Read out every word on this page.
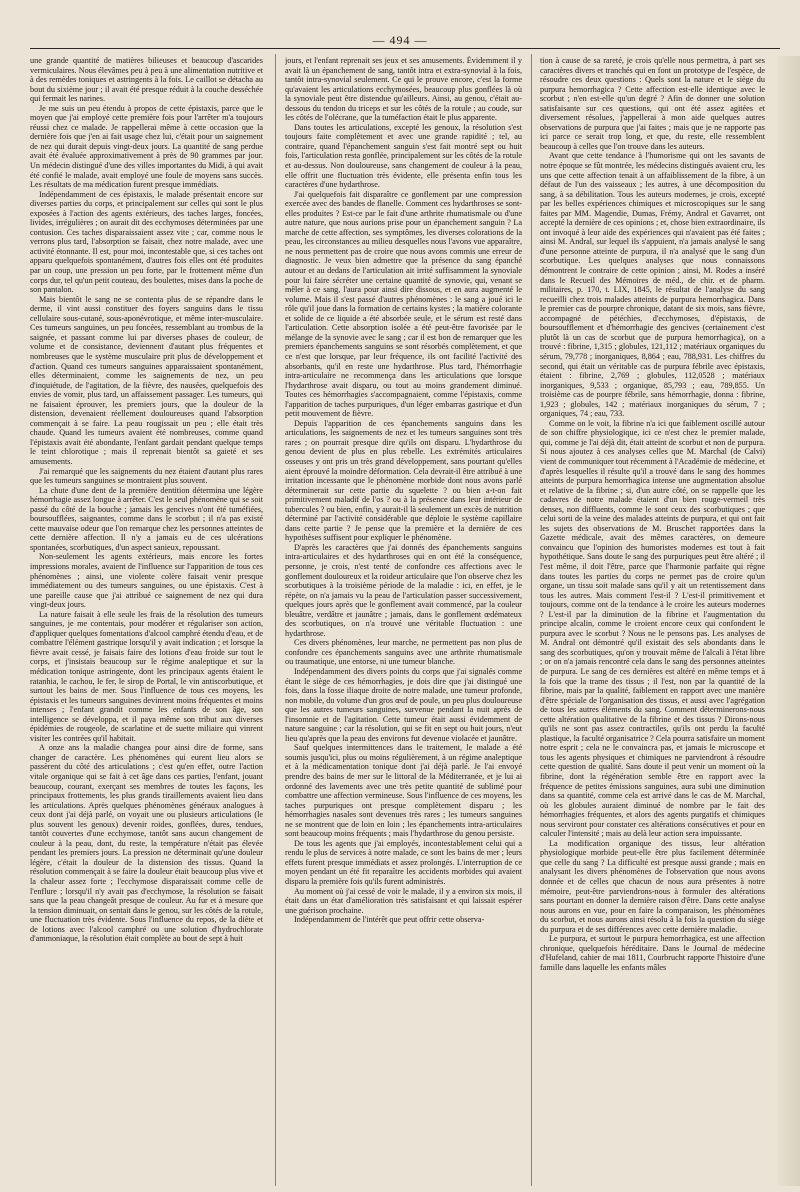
— 494 —

une grande quantité de matières bilieuses et beaucoup d'ascarides vermiculaires. Nous élevâmes peu à peu à une alimentation nutritive et à des remèdes toniques et astringents à la fois. Le caillot se détacha au bout du sixième jour ; il avait été presque réduit à la couche desséchée qui fermait les narines.

Je me suis un peu étendu à propos de cette épistaxis, parce que le moyen que j'ai employé cette première fois pour l'arrêter m'a toujours réussi chez ce malade. Je rappellerai même à cette occasion que la dernière fois que j'en ai fait usage chez lui, c'était pour un saignement de nez qui durait depuis vingt-deux jours. La quantité de sang perdue avait été évaluée approximativement à près de 90 grammes par jour. Un médecin distingué d'une des villes importantes du Midi, à qui avait été confié le malade, avait employé une foule de moyens sans succès. Les résultats de ma médication furent presque immédiats.

Indépendamment de ces épistaxis, le malade présentait encore sur diverses parties du corps, et principalement sur celles qui sont le plus exposées à l'action des agents extérieurs, des taches larges, foncées, livides, irrégulières ; on aurait dit des ecchymoses déterminées par une contusion. Ces taches disparaissaient assez vite ; car, comme nous le verrons plus tard, l'absorption se faisait, chez notre malade, avec une activité étonnante. Il est, pour moi, incontestable que, si ces taches ont apparu quelquefois spontanément, d'autres fois elles ont été produites par un coup, une pression un peu forte, par le frottement même d'un corps dur, tel qu'un petit couteau, des boulettes, mises dans la poche de son pantalon.

Mais bientôt le sang ne se contenta plus de se répandre dans le derme, il vint aussi constituer des foyers sanguins dans le tissu cellulaire sous-cutané, sous-aponévrotique, et même inter-musculaire. Ces tumeurs sanguines, un peu foncées, ressemblant au trombus de la saignée, et passant comme lui par diverses phases de couleur, de volume et de consistance, deviennent d'autant plus fréquentes et nombreuses que le système musculaire prit plus de développement et d'action. Quand ces tumeurs sanguines apparaissaient spontanément, elles déterminaient, comme les saignements de nez, un peu d'inquiétude, de l'agitation, de la fièvre, des nausées, quelquefois des envies de vomir, plus tard, un affaissement passager. Les tumeurs, qui ne faisaient éprouver, les premiers jours, que la douleur de la distension, devenaient réellement douloureuses quand l'absorption commençait à se faire. La peau rougissait un peu ; elle était très chaude. Quand les tumeurs avaient été nombreuses, comme quand l'épistaxis avait été abondante, l'enfant gardait pendant quelque temps le teint chlorotique ; mais il reprenait bientôt sa gaieté et ses amusements.

J'ai remarqué que les saignements du nez étaient d'autant plus rares que les tumeurs sanguines se montraient plus souvent.

La chute d'une dent de la première dentition détermina une légère hémorrhagie assez longue à arrêter. C'est le seul phénomène qui se soit passé du côté de la bouche ; jamais les gencives n'ont été tuméfiées, boursoufflées, saignantes, comme dans le scorbut ; il n'a pas existé cette mauvaise odeur que l'on remarque chez les personnes atteintes de cette dernière affection. Il n'y a jamais eu de ces ulcérations spontanées, scorbutiques, d'un aspect sanieux, repoussant.

Non-seulement les agents extérieurs, mais encore les fortes impressions morales, avaient de l'influence sur l'apparition de tous ces phénomènes ; ainsi, une violente colère faisait venir presque immédiatement ou des tumeurs sanguines, ou une épistaxis. C'est à une pareille cause que j'ai attribué ce saignement de nez qui dura vingt-deux jours.

La nature faisait à elle seule les frais de la résolution des tumeurs sanguines, je me contentais, pour modérer et régulariser son action, d'appliquer quelques fomentations d'alcool camphré étendu d'eau, et de combattre l'élément gastrique lorsqu'il y avait indication ; et lorsque la fièvre avait cessé, je faisais faire des lotions d'eau froide sur tout le corps, et j'insistais beaucoup sur le régime analeptique et sur la médication tonique astringente, dont les principaux agents étaient le ratanhia, le cachou, le fer, le sirop de Portal, le vin antiscorbutique, et surtout les bains de mer. Sous l'influence de tous ces moyens, les épistaxis et les tumeurs sanguines devinrent moins fréquentes et moins intenses ; l'enfant grandit comme les enfants de son âge, son intelligence se développa, et il paya même son tribut aux diverses épidémies de rougeole, de scarlatine et de suette miliaire qui vinrent visiter les contrées qu'il habitait.

A onze ans la maladie changea pour ainsi dire de forme, sans changer de caractère. Les phénomènes qui eurent lieu alors se passèrent du côté des articulations ; c'est qu'en effet, outre l'action vitale organique qui se fait à cet âge dans ces parties, l'enfant, jouant beaucoup, courant, exerçant ses membres de toutes les façons, les principaux frottements, les plus grands tiraillements avaient lieu dans les articulations. Après quelques phénomènes généraux analogues à ceux dont j'ai déjà parlé, on voyait une ou plusieurs articulations (le plus souvent les genoux) devenir roides, gonflées, dures, tendues, tantôt couvertes d'une ecchymose, tantôt sans aucun changement de couleur à la peau, dont, du reste, la température n'était pas élevée pendant les premiers jours. La pression ne déterminait qu'une douleur légère, c'était la douleur de la distension des tissus. Quand la résolution commençait à se faire la douleur était beaucoup plus vive et la chaleur assez forte ; l'ecchymose disparaissait comme celle de l'enflure ; lorsqu'il n'y avait pas d'ecchymose, la résolution se faisait sans que la peau changeât presque de couleur. Au fur et à mesure que la tension diminuait, on sentait dans le genou, sur les côtés de la rotule, une fluctuation très évidente. Sous l'influence du repos, de la diète et de lotions avec l'alcool camphré ou une solution d'hydrochlorate d'ammoniaque, la résolution était complète au bout de sept à huit

jours, et l'enfant reprenait ses jeux et ses amusements. Évidemment il y avait là un épanchement de sang, tantôt intra et extra-synovial à la fois, tantôt intra-synovial seulement. Ce qui le prouve encore, c'est la forme qu'avaient les articulations ecchymosées, beaucoup plus gonflées là où la synoviale peut être distendue qu'ailleurs. Ainsi, au genou, c'était au-dessous du tendon du triceps et sur les côtés de la rotule ; au coude, sur les côtés de l'olécrane, que la tuméfaction était le plus apparente.

Dans toutes les articulations, excepté les genoux, la résolution s'est toujours faite complètement et avec une grande rapidité ; tel, au contraire, quand l'épanchement sanguin s'est fait montré sept ou huit fois, l'articulation resta gonflée, principalement sur les côtés de la rotule et au-dessus. Non douloureuse, sans changement de couleur à la peau, elle offrit une fluctuation très évidente, elle présenta enfin tous les caractères d'une hydarthrose.

J'ai quelquefois fait disparaître ce gonflement par une compression exercée avec des bandes de flanelle. Comment ces hydarthroses se sont-elles produites ? Est-ce par le fait d'une arthrite rhumatismale ou d'une autre nature, que nous aurions prise pour un épanchement sanguin ? La marche de cette affection, ses symptômes, les diverses colorations de la peau, les circonstances au milieu desquelles nous l'avons vue apparaître, ne nous permettent pas de croire que nous avons commis une erreur de diagnostic. Je veux bien admettre que la présence du sang épanché autour et au dedans de l'articulation ait irrité suffisamment la synoviale pour lui faire sécréter une certaine quantité de synovie, qui, venant se mêler à ce sang, l'aura pour ainsi dire dissous, et en aura augmenté le volume. Mais il s'est passé d'autres phénomènes : le sang a joué ici le rôle qu'il joue dans la formation de certains kystes ; la matière colorante et solide de ce liquide a été absorbée seule, et le sérum est resté dans l'articulation. Cette absorption isolée a été peut-être favorisée par le mélange de la synovie avec le sang ; car il est bon de remarquer que les premiers épanchements sanguins se sont résorbés complètement, et que ce n'est que lorsque, par leur fréquence, ils ont facilité l'activité des absorbants, qu'il en reste une hydarthrose. Plus tard, l'hémorrhagie intra-articulaire ne recommença dans les articulations que lorsque l'hydarthrose avait disparu, ou tout au moins grandement diminué. Toutes ces hémorrhagies s'accompagnaient, comme l'épistaxis, comme l'apparition de taches purpuriques, d'un léger embarras gastrique et d'un petit mouvement de fièvre.

Depuis l'apparition de ces épanchements sanguins dans les articulations, les saignements de nez et les tumeurs sanguines sont très rares ; on pourrait presque dire qu'ils ont disparu. L'hydarthrose du genou devient de plus en plus rebelle. Les extrémités articulaires osseuses y ont pris un très grand développement, sans pourtant qu'elles aient éprouvé la moindre déformation. Cela devrait-il être attribué à une irritation incessante que le phénomène morbide dont nous avons parlé déterminerait sur cette partie du squelette ? ou bien a-t-on fait primitivement maladif de l'os ? ou à la présence dans leur intérieur de tubercules ? ou bien, enfin, y aurait-il là seulement un excès de nutrition déterminé par l'activité considérable que déploie le système capillaire dans cette partie ? Je pense que la première et la dernière de ces hypothèses suffisent pour expliquer le phénomène.

D'après les caractères que j'ai donnés des épanchements sanguins intra-articulaires et des hydarthroses qui en ont été la conséquence, personne, je crois, n'est tenté de confondre ces affections avec le gonflement douloureux et la roideur articulaire que l'on observe chez les scorbutiques à la troisième période de la maladie : ici, en effet, je le répète, on n'a jamais vu la peau de l'articulation passer successivement, quelques jours après que le gonflement avait commencé, par la couleur bleuâtre, verdâtre et jaunâtre ; jamais, dans le gonflement œdémateux des scorbutiques, on n'a trouvé une véritable fluctuation : une hydarthrose.

Ces divers phénomènes, leur marche, ne permettent pas non plus de confondre ces épanchements sanguins avec une arthrite rhumatismale ou traumatique, une entorse, ni une tumeur blanche.

Indépendamment des divers points du corps que j'ai signalés comme étant le siège de ces hémorrhagies, je dois dire que j'ai distingué une fois, dans la fosse iliaque droite de notre malade, une tumeur profonde, non mobile, du volume d'un gros œuf de poule, un peu plus douloureuse que les autres tumeurs sanguines, survenue pendant la nuit après de l'insomnie et de l'agitation. Cette tumeur était aussi évidemment de nature sanguine ; car la résolution, qui se fit en sept ou huit jours, n'eut lieu qu'après que la peau des environs fut devenue violacée et jaunâtre.

Sauf quelques intermittences dans le traitement, le malade a été soumis jusqu'ici, plus ou moins régulièrement, à un régime analeptique et à la médicamentation tonique dont j'ai déjà parlé. Je l'ai envoyé prendre des bains de mer sur le littoral de la Méditerranée, et je lui ai ordonné des lavements avec une très petite quantité de sublimé pour combattre une affection vermineuse. Sous l'influence de ces moyens, les taches purpuriques ont presque complètement disparu ; les hémorrhagies nasales sont devenues très rares ; les tumeurs sanguines ne se montrent que de loin en loin ; les épanchements intra-articulaires sont beaucoup moins fréquents ; mais l'hydarthrose du genou persiste.

De tous les agents que j'ai employés, incontestablement celui qui a rendu le plus de services à notre malade, ce sont les bains de mer ; leurs effets furent presque immédiats et assez prolongés. L'interruption de ce moyen pendant un été fit reparaître les accidents morbides qui avaient disparu la première fois qu'ils furent administrés.

Au moment où j'ai cessé de voir le malade, il y a environ six mois, il était dans un état d'amélioration très satisfaisant et qui laissait espérer une guérison prochaine.

Indépendamment de l'intérêt que peut offrir cette observa-

tion à cause de sa rareté, je crois qu'elle nous permettra, à part ses caractères divers et tranchés qui en font un prototype de l'espèce, de résoudre ces deux questions : Quels sont la nature et le siège du purpura hemorrhagica ? Cette affection est-elle identique avec le scorbut ; n'en est-elle qu'un degré ? Afin de donner une solution satisfaisante sur ces questions, qui ont été assez agitées et diversement résolues, j'appellerai à mon aide quelques autres observations de purpura que j'ai faites ; mais que je ne rapporte pas ici parce ce serait trop long, et que, du reste, elle ressemblent beaucoup à celles que l'on trouve dans les auteurs.

Avant que cette tendance à l'humorisme qui ont les savants de notre époque se fût montrée, les médecins distingués avaient cru, les uns que cette affection tenait à un affaiblissement de la fibre, à un défaut de l'un des vaisseaux ; les autres, à une décomposition du sang, à sa débilitation. Tous les auteurs modernes, je crois, excepté par les belles expériences chimiques et microscopiques sur le sang faites par MM. Magendie, Dumas, Frémy, Andral et Gavarret, ont accepté la dernière de ces opinions ; et, chose bien extraordinaire, ils ont invoqué à leur aide des expériences qui n'avaient pas été faites ; ainsi M. Andral, sur lequel ils s'appuient, n'a jamais analysé le sang d'une personne atteinte de purpura, il n'a analysé que le sang d'un scorbutique. Les quelques analyses que nous connaissons démontrent le contraire de cette opinion ; ainsi, M. Rodes a inséré dans le Recueil des Mémoires de méd., de chir. et de pharm. militaires, p. 170, t. LIX, 1845, le résultat de l'analyse du sang recueilli chez trois malades atteints de purpura hemorrhagica. Dans le premier cas de pourpre chronique, datant de six mois, sans fièvre, accompagné de pétéchies, d'ecchymoses, d'épistaxis, de boursoufflement et d'hémorrhagie des gencives (certainement c'est plutôt là un cas de scorbut que de purpura hemorrhagica), on a trouvé : fibrine, 1,315 ; globules, 121,112 ; matériaux organiques du sérum, 79,778 ; inorganiques, 8,864 ; eau, 788,931. Les chiffres du second, qui était un véritable cas de purpura fébrile avec épistaxis, étaient : fibrine, 2,769 ; globules, 112,0528 ; matériaux inorganiques, 9,533 ; organique, 85,793 ; eau, 789,855. Un troisième cas de pourpre fébrile, sans hémorrhagie, donna : fibrine, 1,923 ; globules, 142 ; matériaux inorganiques du sérum, 7 ; organiques, 74 ; eau, 733.

Comme on le voit, la fibrine n'a ici que faiblement oscillé autour de son chiffre physiologique, ici ce n'est chez le premier malade, qui, comme je l'ai déjà dit, était atteint de scorbut et non de purpura. Si nous ajoutez à ces analyses celles que M. Marchal (de Calvi) vient de communiquer tout récemment à l'Académie de médecine, et d'après lesquelles il résulte qu'il a trouvé dans le sang des hommes atteints de purpura hemorrhagica intense une augmentation absolue et relative de la fibrine ; si, d'un autre côté, on se rappelle que les cadavres de notre malade étaient d'un bien rouge-vermeil très denses, non diffluents, comme le sont ceux des scorbutiques ; que celui sorti de la veine des malades atteints de purpura, et qui ont fait les sujets des observations de M. Bruschet rapportées dans la Gazette médicale, avait des mêmes caractères, on demeure convaincu que l'opinion des humoristes modernes est tout à fait hypothétique. Sans doute le sang des purpuriques peut être altéré ; il l'est même, il doit l'être, parce que l'harmonie parfaite qui règne dans toutes les parties du corps ne permet pas de croire qu'un organe, un tissu soit malade sans qu'il y ait un retentissement dans tous les autres. Mais comment l'est-il ? L'est-il primitivement et toujours, comme ont de la tendance à le croire les auteurs modernes ? L'est-il par la diminution de la fibrine et l'augmentation du principe alcalin, comme le croient encore ceux qui confondent le purpura avec le scorbut ? Nous ne le pensons pas. Les analyses de M. Andral ont démontré qu'il existait des sels abondants dans le sang des scorbutiques, qu'on y trouvait même de l'alcali à l'état libre ; or on n'a jamais rencontré cela dans le sang des personnes atteintes de purpura. Le sang de ces dernières est altéré en même temps et à la fois que la trame des tissus ; il l'est, non par la quantité de la fibrine, mais par la qualité, faiblement en rapport avec une manière d'être spéciale de l'organisation des tissus, et aussi avec l'agrégation de tous les autres éléments du sang. Comment déterminerons-nous cette altération qualitative de la fibrine et des tissus ? Dirons-nous qu'ils ne sont pas assez contractiles, qu'ils ont perdu la faculté plastique, la faculté organisatrice ? Cela pourra satisfaire un moment notre esprit ; cela ne le convaincra pas, et jamais le microscope et tous les agents physiques et chimiques ne parviendront à résoudre cette question de qualité. Sans doute il peut venir un moment où la fibrine, dont la régénération semble être en rapport avec la fréquence de petites émissions sanguines, aura subi une diminution dans sa quantité, comme cela est arrivé dans le cas de M. Marchal, où les globules auraient diminué de nombre par le fait des hémorrhagies fréquentes, et alors des agents purgatifs et chimiques nous serviront pour constater ces altérations consécutives et pour en calculer l'intensité ; mais au delà leur action sera impuissante.

La modification organique des tissus, leur altération physiologique morbide peut-elle être plus facilement déterminée que celle du sang ? La difficulté est presque aussi grande ; mais en analysant les divers phénomènes de l'observation que nous avons donnée et de celles que chacun de nous aura présentes à notre mémoire, peut-être parviendrons-nous à formuler des altérations sans pourtant en donner la dernière raison d'être. Dans cette analyse nous aurons en vue, pour en faire la comparaison, les phénomènes du scorbut, et nous aurons ainsi résolu à la fois la question du siège du purpura et de ses différences avec cette dernière maladie.

Le purpura, et surtout le purpura hemorrhagica, est une affection chronique, quelquefois héréditaire. Dans le Journal de médecine d'Hufeland, cahier de mai 1811, Courbrucht rapporte l'histoire d'une famille dans laquelle les enfants mâles
